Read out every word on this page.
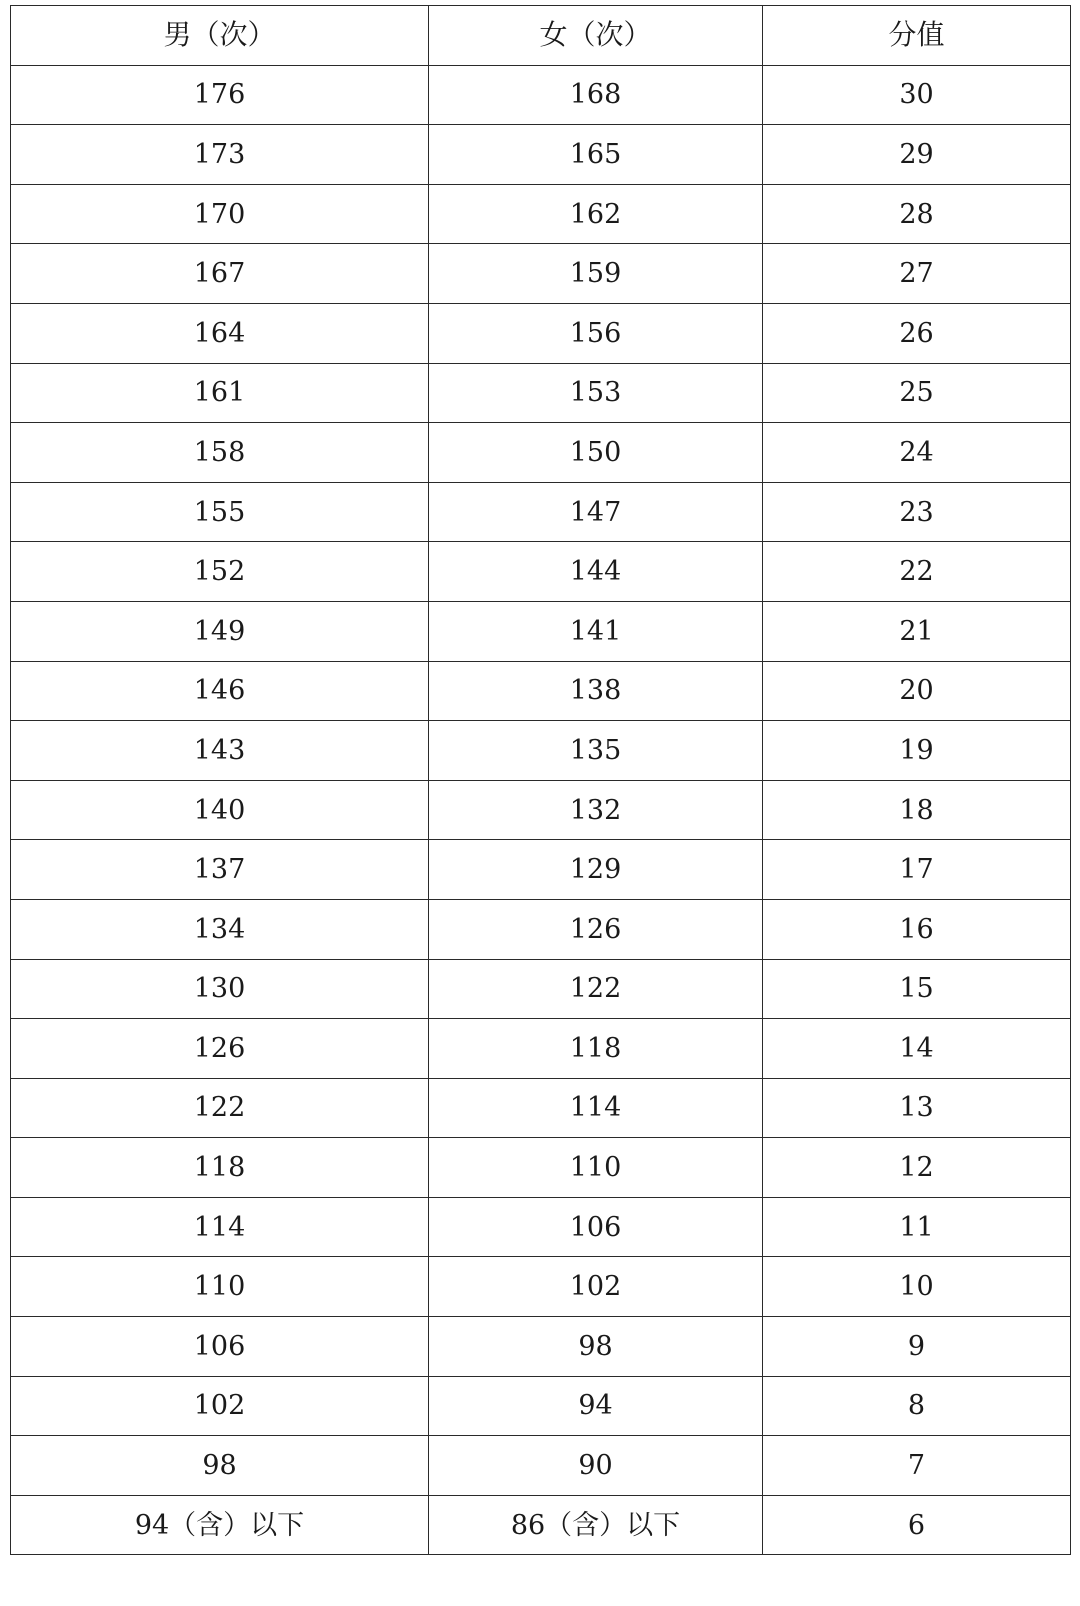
男（次）	女（次）	分值
176	168	30
173	165	29
170	162	28
167	159	27
164	156	26
161	153	25
158	150	24
155	147	23
152	144	22
149	141	21
146	138	20
143	135	19
140	132	18
137	129	17
134	126	16
130	122	15
126	118	14
122	114	13
118	110	12
114	106	11
110	102	10
106	98	9
102	94	8
98	90	7
94（含）以下	86（含）以下	6
